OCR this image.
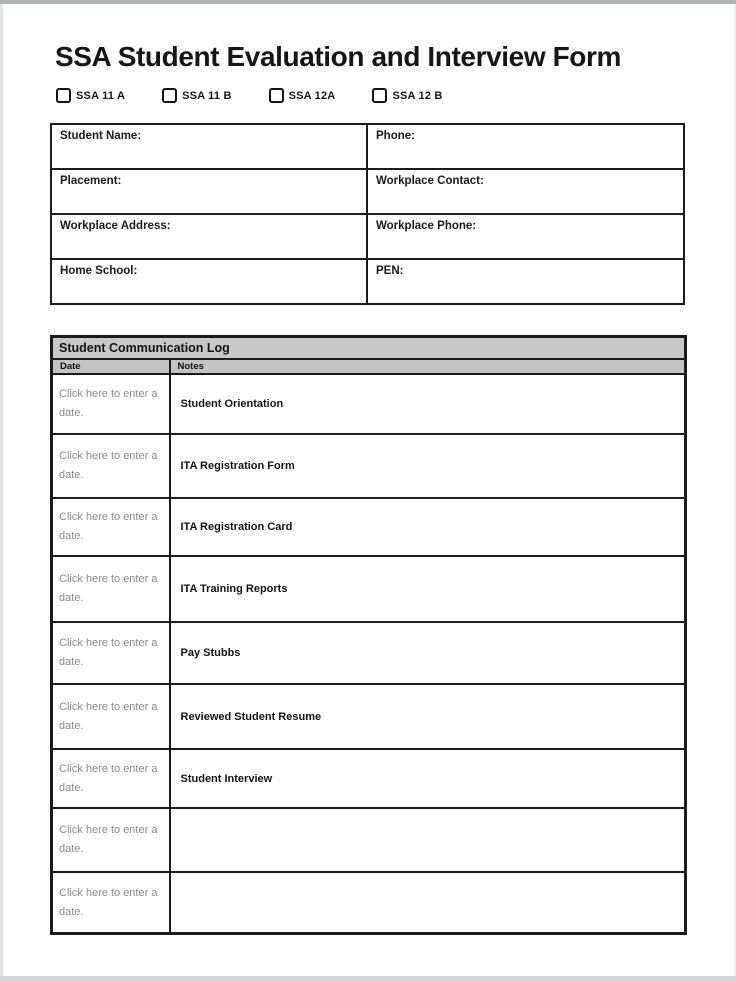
SSA Student Evaluation and Interview Form
SSA 11 A	SSA 11 B	SSA 12A	SSA 12 B
Student Name:	Phone:
Placement:	Workplace Contact:
Workplace Address:	Workplace Phone:
Home School:	PEN:
Student Communication Log	
Date	Notes
Click here to enter a date.	Student Orientation
Click here to enter a date.	ITA Registration Form
Click here to enter a date.	ITA Registration Card
Click here to enter a date.	ITA Training Reports
Click here to enter a date.	Pay Stubbs
Click here to enter a date.	Reviewed Student Resume
Click here to enter a date.	Student Interview
Click here to enter a date.	
Click here to enter a date.	
